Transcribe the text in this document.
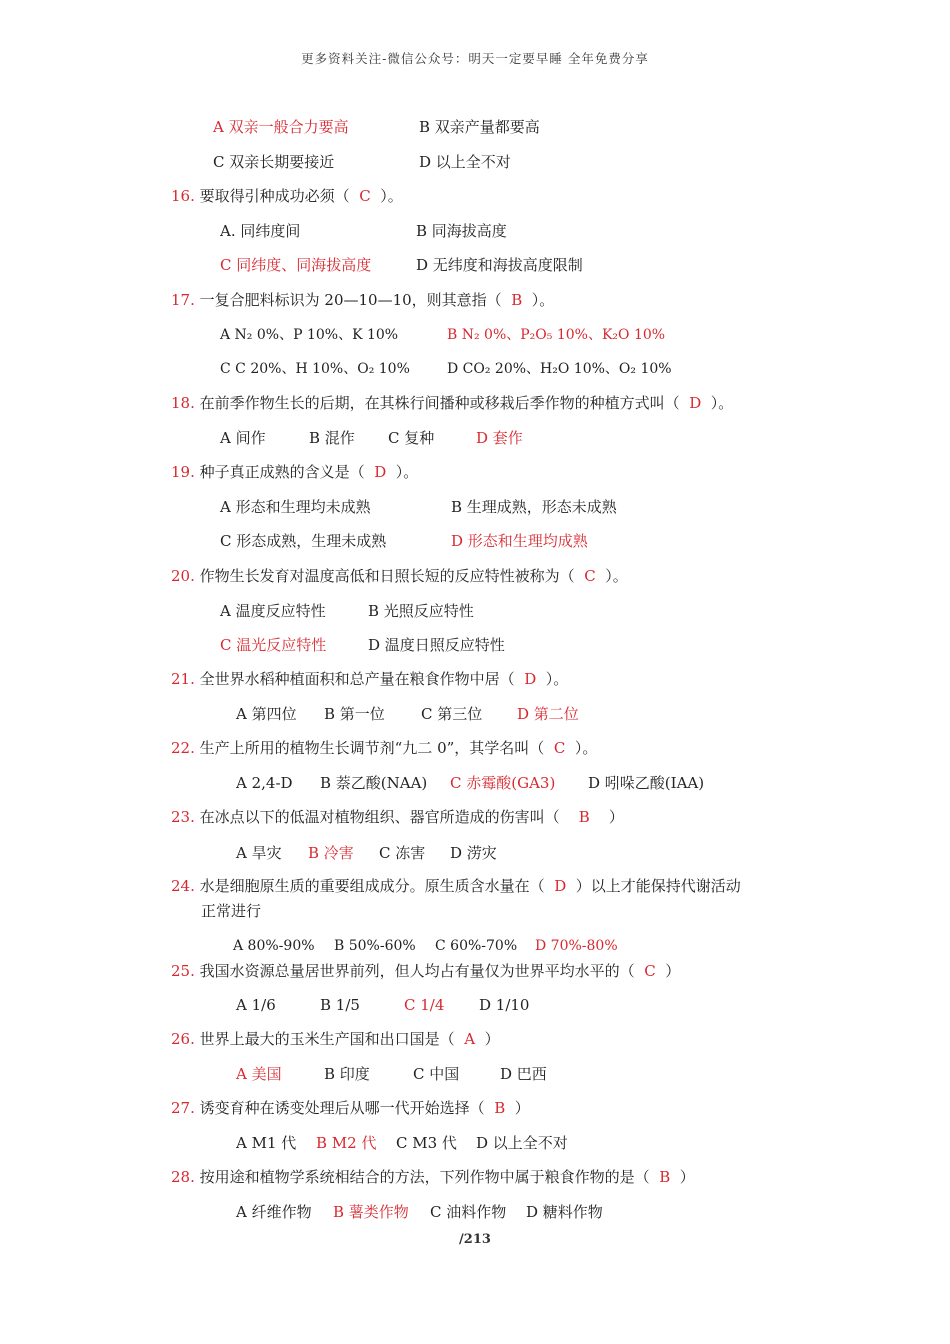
更多资料关注-微信公众号：明天一定要早睡 全年免费分享
A 双亲一般合力要高	B 双亲产量都要高
C 双亲长期要接近	D 以上全不对
16. 要取得引种成功必须（ C ）。
A. 同纬度间	B 同海拔高度
C 同纬度、同海拔高度	D 无纬度和海拔高度限制
17. 一复合肥料标识为 20—10—10，则其意指（ B ）。
A N₂ 0%、P 10%、K 10%	B N₂ 0%、P₂O₅ 10%、K₂O 10%
C C 20%、H 10%、O₂ 10%	D CO₂ 20%、H₂O 10%、O₂ 10%
18. 在前季作物生长的后期，在其株行间播种或移栽后季作物的种植方式叫（ D ）。
A 间作	B 混作 C 复种	D 套作
19. 种子真正成熟的含义是（ D ）。
A 形态和生理均未成熟	B 生理成熟，形态未成熟
C 形态成熟，生理未成熟	D 形态和生理均成熟
20. 作物生长发育对温度高低和日照长短的反应特性被称为（ C ）。
A 温度反应特性	B 光照反应特性
C 温光反应特性	D 温度日照反应特性
21. 全世界水稻种植面积和总产量在粮食作物中居（ D ）。
A 第四位 B 第一位 C 第三位 D 第二位
22. 生产上所用的植物生长调节剂“九二 0”，其学名叫（ C ）。
A 2,4-D B 萘乙酸(NAA) C 赤霉酸(GA3) D 吲哚乙酸(IAA)
23. 在冰点以下的低温对植物组织、器官所造成的伤害叫（ B ）
A 旱灾 B 冷害 C 冻害 D 涝灾
24. 水是细胞原生质的重要组成成分。原生质含水量在（ D ）以上才能保持代谢活动
正常进行
A 80%-90% B 50%-60% C 60%-70% D 70%-80%
25. 我国水资源总量居世界前列，但人均占有量仅为世界平均水平的（ C ）
A 1/6	B 1/5	C 1/4 D 1/10
26. 世界上最大的玉米生产国和出口国是（ A ）
A 美国	B 印度	C 中国	D 巴西
27. 诱变育种在诱变处理后从哪一代开始选择（ B ）
A M1 代 B M2 代 C M3 代 D 以上全不对
28. 按用途和植物学系统相结合的方法，下列作物中属于粮食作物的是（ B ）
A 纤维作物 B 薯类作物 C 油料作物 D 糖料作物
/213
